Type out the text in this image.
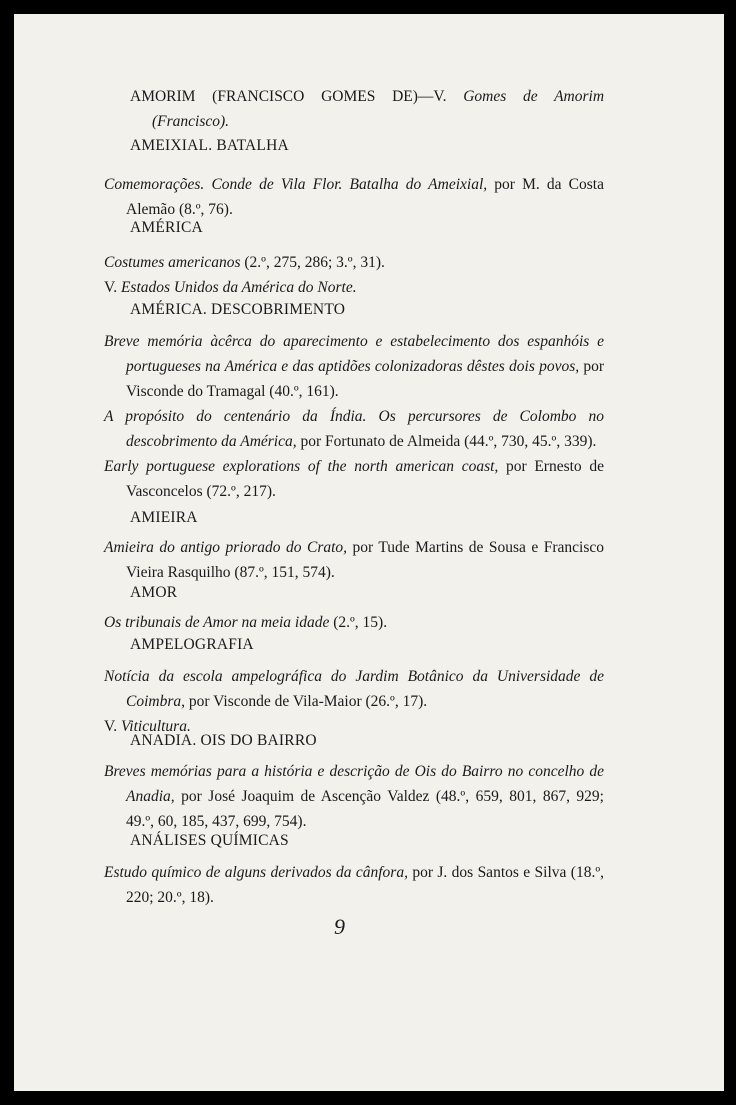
AMORIM (FRANCISCO GOMES DE)—V. Gomes de Amorim (Francisco).
AMEIXIAL. BATALHA
Comemorações. Conde de Vila Flor. Batalha do Ameixial, por M. da Costa Alemão (8.º, 76).
AMÉRICA
Costumes americanos (2.º, 275, 286; 3.º, 31).
V. Estados Unidos da América do Norte.
AMÉRICA. DESCOBRIMENTO
Breve memória àcêrca do aparecimento e estabelecimento dos espanhóis e portugueses na América e das aptidões colonizadoras dêstes dois povos, por Visconde do Tramagal (40.º, 161).
A propósito do centenário da Índia. Os percursores de Colombo no descobrimento da América, por Fortunato de Almeida (44.º, 730, 45.º, 339).
Early portuguese explorations of the north american coast, por Ernesto de Vasconcelos (72.º, 217).
AMIEIRA
Amieira do antigo priorado do Crato, por Tude Martins de Sousa e Francisco Vieira Rasquilho (87.º, 151, 574).
AMOR
Os tribunais de Amor na meia idade (2.º, 15).
AMPELOGRAFIA
Notícia da escola ampelográfica do Jardim Botânico da Universidade de Coimbra, por Visconde de Vila-Maior (26.º, 17).
V. Viticultura.
ANADIA. OIS DO BAIRRO
Breves memórias para a história e descrição de Ois do Bairro no concelho de Anadia, por José Joaquim de Ascenção Valdez (48.º, 659, 801, 867, 929; 49.º, 60, 185, 437, 699, 754).
ANÁLISES QUÍMICAS
Estudo químico de alguns derivados da cânfora, por J. dos Santos e Silva (18.º, 220; 20.º, 18).
9
